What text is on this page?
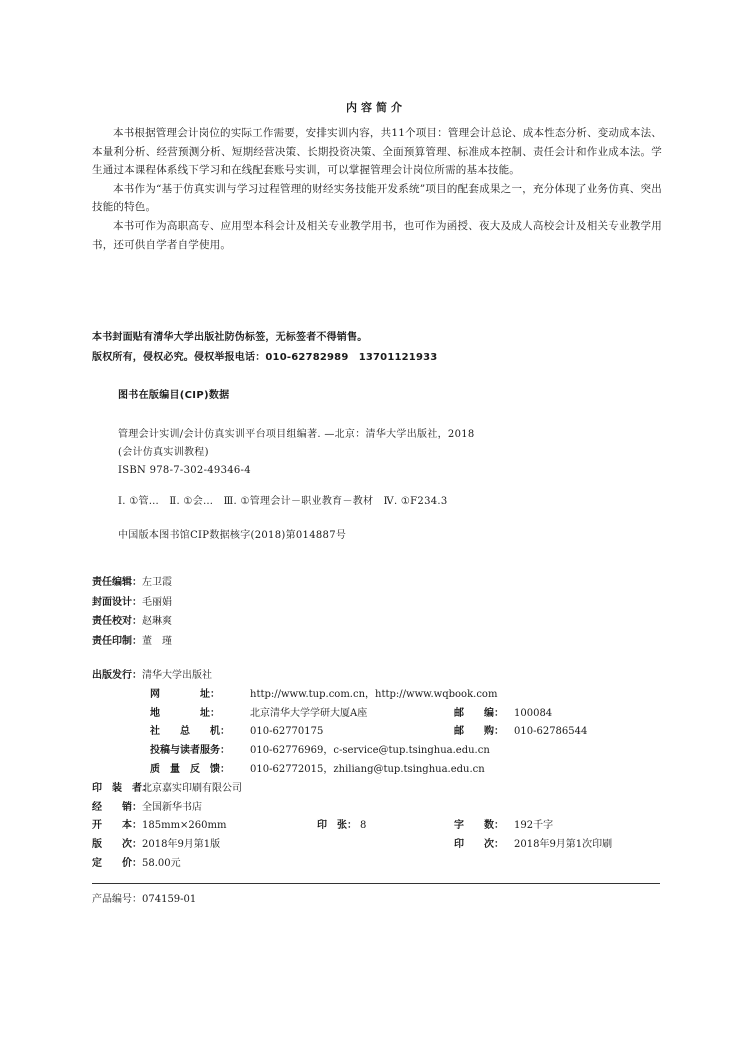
内容简介

本书根据管理会计岗位的实际工作需要，安排实训内容，共11个项目：管理会计总论、成本性态分析、变动成本法、本量利分析、经营预测分析、短期经营决策、长期投资决策、全面预算管理、标准成本控制、责任会计和作业成本法。学生通过本课程体系线下学习和在线配套账号实训，可以掌握管理会计岗位所需的基本技能。

本书作为“基于仿真实训与学习过程管理的财经实务技能开发系统”项目的配套成果之一，充分体现了业务仿真、突出技能的特色。

本书可作为高职高专、应用型本科会计及相关专业教学用书，也可作为函授、夜大及成人高校会计及相关专业教学用书，还可供自学者自学使用。

本书封面贴有清华大学出版社防伪标签，无标签者不得销售。
版权所有，侵权必究。侵权举报电话：010-62782989　13701121933
图书在版编目(CIP)数据
管理会计实训/会计仿真实训平台项目组编著. —北京：清华大学出版社，2018
(会计仿真实训教程)
ISBN 978-7-302-49346-4
Ⅰ. ①管…　Ⅱ. ①会…　Ⅲ. ①管理会计－职业教育－教材　Ⅳ. ①F234.3
中国版本图书馆CIP数据核字(2018)第014887号
责任编辑：左卫霞
封面设计：毛丽娟
责任校对：赵琳爽
责任印制：董　瑾
出版发行： 清华大学出版社
网　　　　址：	http://www.tup.com.cn，http://www.wqbook.com
地　　　　址：	北京清华大学学研大厦A座	邮　　编： 100084
社　　总　　机： 010-62770175	邮　　购： 010-62786544
投稿与读者服务： 010-62776969，c-service@tup.tsinghua.edu.cn
质　量　反　馈： 010-62772015，zhiliang@tup.tsinghua.edu.cn
印　装　者：
北京嘉实印刷有限公司
经　　销： 全国新华书店
开　　本： 185mm×260mm	印　张： 8	字　　数： 192千字
版　　次： 2018年9月第1版	印　　次： 2018年9月第1次印刷
定　　价： 58.00元
产品编号：074159-01
